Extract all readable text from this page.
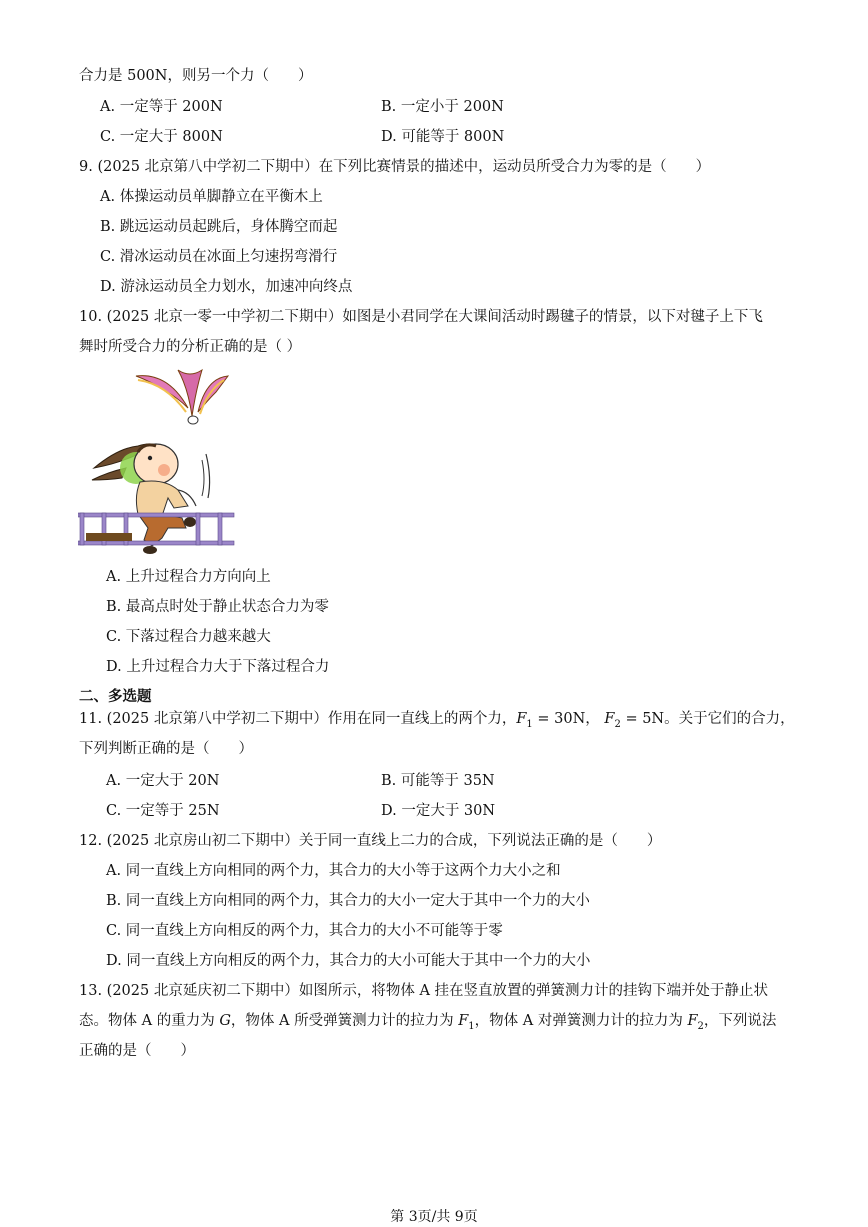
合力是 500N，则另一个力（　　）
A. 一定等于 200N	B. 一定小于 200N
C. 一定大于 800N	D. 可能等于 800N
9. (2025 北京第八中学初二下期中）在下列比赛情景的描述中，运动员所受合力为零的是（　　）
A. 体操运动员单脚静立在平衡木上
B. 跳远运动员起跳后，身体腾空而起
C. 滑冰运动员在冰面上匀速拐弯滑行
D. 游泳运动员全力划水，加速冲向终点
10. (2025 北京一零一中学初二下期中）如图是小君同学在大课间活动时踢毽子的情景，以下对毽子上下飞
舞时所受合力的分析正确的是（ ）
A. 上升过程合力方向向上
B. 最高点时处于静止状态合力为零
C. 下落过程合力越来越大
D. 上升过程合力大于下落过程合力
二、多选题
11. (2025 北京第八中学初二下期中）作用在同一直线上的两个力，$F_1 = 30N$， $F_2 = 5N$。关于它们的合力，
下列判断正确的是（　　）
A. 一定大于 20N	B. 可能等于 35N
C. 一定等于 25N	D. 一定大于 30N
12. (2025 北京房山初二下期中）关于同一直线上二力的合成，下列说法正确的是（　　）
A. 同一直线上方向相同的两个力，其合力的大小等于这两个力大小之和
B. 同一直线上方向相同的两个力，其合力的大小一定大于其中一个力的大小
C. 同一直线上方向相反的两个力，其合力的大小不可能等于零
D. 同一直线上方向相反的两个力，其合力的大小可能大于其中一个力的大小
13. (2025 北京延庆初二下期中）如图所示，将物体 A 挂在竖直放置的弹簧测力计的挂钩下端并处于静止状
态。物体 A 的重力为 G，物体 A 所受弹簧测力计的拉力为 $F_1$，物体 A 对弹簧测力计的拉力为 $F_2$，下列说法
正确的是（　　）
第 3页/共 9页
